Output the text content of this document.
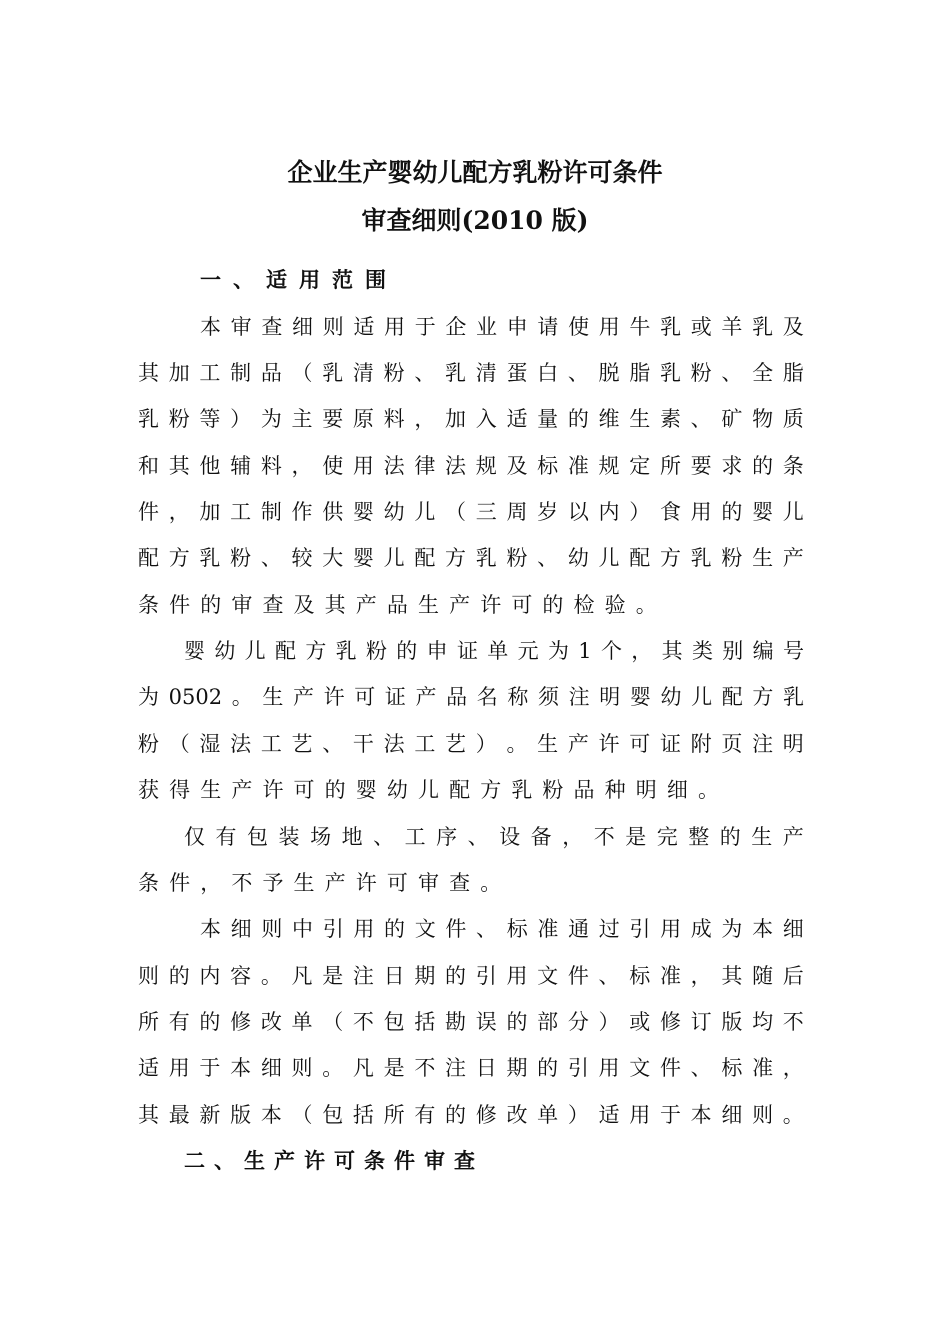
企业生产婴幼儿配方乳粉许可条件
审查细则(2010 版)
一、适用范围
本 审 查 细 则 适 用 于 企 业 申 请 使 用 牛 乳 或 羊 乳 及
其 加 工 制 品 （ 乳 清 粉 、 乳 清 蛋 白 、 脱 脂 乳 粉 、 全 脂
乳 粉 等 ） 为 主 要 原 料 ， 加 入 适 量 的 维 生 素 、 矿 物 质
和 其 他 辅 料 ， 使 用 法 律 法 规 及 标 准 规 定 所 要 求 的 条
件 ， 加 工 制 作 供 婴 幼 儿 （ 三 周 岁 以 内 ） 食 用 的 婴 儿
配 方 乳 粉 、 较 大 婴 儿 配 方 乳 粉 、 幼 儿 配 方 乳 粉 生 产
条 件 的 审 查 及 其 产 品 生 产 许 可 的 检 验 。
婴 幼 儿 配 方 乳 粉 的 申 证 单 元 为 1 个 ， 其 类 别 编 号
为 0502 。 生 产 许 可 证 产 品 名 称 须 注 明 婴 幼 儿 配 方 乳
粉 （ 湿 法 工 艺 、 干 法 工 艺 ） 。 生 产 许 可 证 附 页 注 明
获 得 生 产 许 可 的 婴 幼 儿 配 方 乳 粉 品 种 明 细 。
仅 有 包 装 场 地 、 工 序 、 设 备 ， 不 是 完 整 的 生 产
条 件 ， 不 予 生 产 许 可 审 查 。
本 细 则 中 引 用 的 文 件 、 标 准 通 过 引 用 成 为 本 细
则 的 内 容 。 凡 是 注 日 期 的 引 用 文 件 、 标 准 ， 其 随 后
所 有 的 修 改 单 （ 不 包 括 勘 误 的 部 分 ） 或 修 订 版 均 不
适 用 于 本 细 则 。 凡 是 不 注 日 期 的 引 用 文 件 、 标 准 ，
其 最 新 版 本 （ 包 括 所 有 的 修 改 单 ） 适 用 于 本 细 则 。
二、生产许可条件审查
